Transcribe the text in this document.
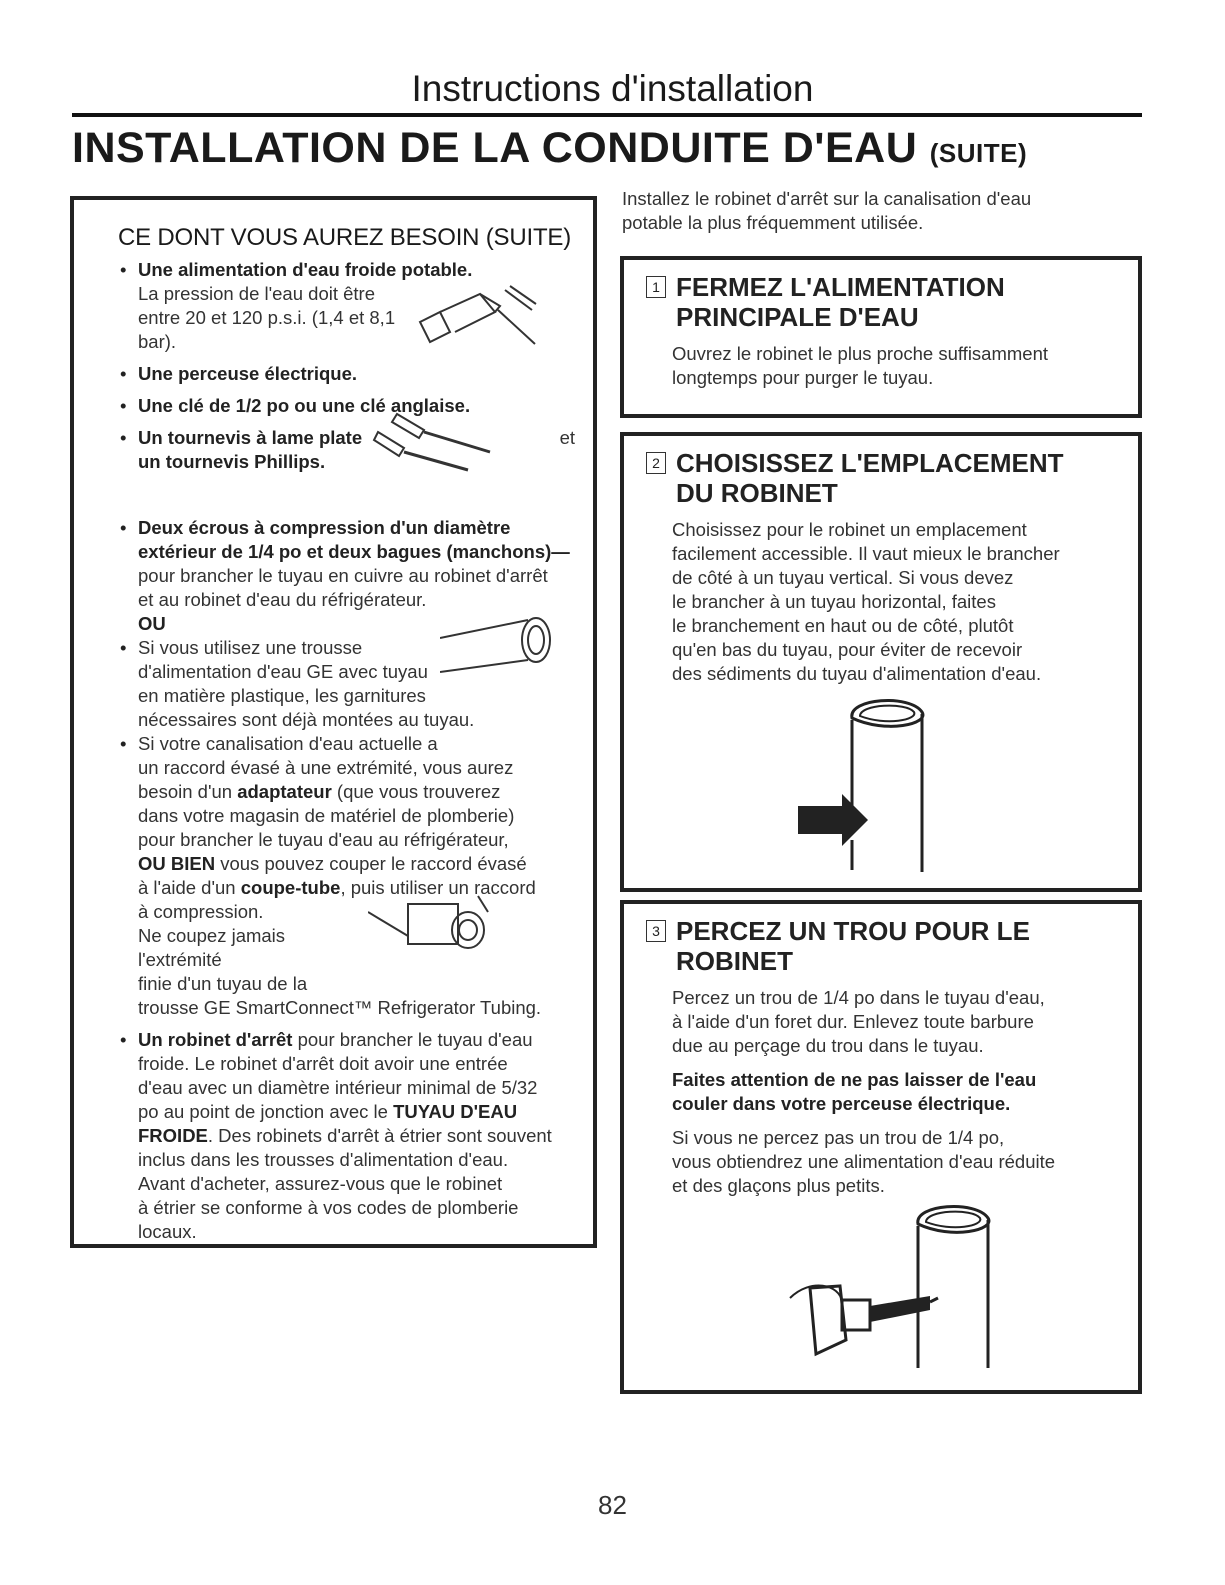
Instructions d'installation
INSTALLATION DE LA CONDUITE D'EAU (SUITE)
CE DONT VOUS AUREZ BESOIN (SUITE)
• Une alimentation d'eau froide potable.
La pression de l'eau doit être
entre 20 et 120 p.s.i. (1,4 et 8,1
bar).
• Une perceuse électrique.
• Une clé de 1/2 po ou une clé anglaise.
• Un tournevis à lame plate	et
un tournevis Phillips.
• Deux écrous à compression d'un diamètre
extérieur de 1/4 po et deux bagues (manchons)—
pour brancher le tuyau en cuivre au robinet d'arrêt
et au robinet d'eau du réfrigérateur.
OU
• Si vous utilisez une trousse
d'alimentation d'eau GE avec tuyau
en matière plastique, les garnitures
nécessaires sont déjà montées au tuyau.
• Si votre canalisation d'eau actuelle a
un raccord évasé à une extrémité, vous aurez
besoin d'un adaptateur (que vous trouverez
dans votre magasin de matériel de plomberie)
pour brancher le tuyau d'eau au réfrigérateur,
OU BIEN vous pouvez couper le raccord évasé
à l'aide d'un coupe-tube, puis utiliser un raccord
à compression.
Ne coupez jamais
l'extrémité
finie d'un tuyau de la
trousse GE SmartConnect™ Refrigerator Tubing.
• Un robinet d'arrêt pour brancher le tuyau d'eau
froide. Le robinet d'arrêt doit avoir une entrée
d'eau avec un diamètre intérieur minimal de 5/32
po au point de jonction avec le TUYAU D'EAU
FROIDE. Des robinets d'arrêt à étrier sont souvent
inclus dans les trousses d'alimentation d'eau.
Avant d'acheter, assurez-vous que le robinet
à étrier se conforme à vos codes de plomberie
locaux.
Installez le robinet d'arrêt sur la canalisation d'eau
potable la plus fréquemment utilisée.
1 FERMEZ L'ALIMENTATION
PRINCIPALE D'EAU
Ouvrez le robinet le plus proche suffisamment
longtemps pour purger le tuyau.
2 CHOISISSEZ L'EMPLACEMENT
DU ROBINET
Choisissez pour le robinet un emplacement
facilement accessible. Il vaut mieux le brancher
de côté à un tuyau vertical. Si vous devez
le brancher à un tuyau horizontal, faites
le branchement en haut ou de côté, plutôt
qu'en bas du tuyau, pour éviter de recevoir
des sédiments du tuyau d'alimentation d'eau.
3 PERCEZ UN TROU POUR LE ROBINET
Percez un trou de 1/4 po dans le tuyau d'eau,
à l'aide d'un foret dur. Enlevez toute barbure
due au perçage du trou dans le tuyau.
Faites attention de ne pas laisser de l'eau
couler dans votre perceuse électrique.
Si vous ne percez pas un trou de 1/4 po,
vous obtiendrez une alimentation d'eau réduite
et des glaçons plus petits.
82
